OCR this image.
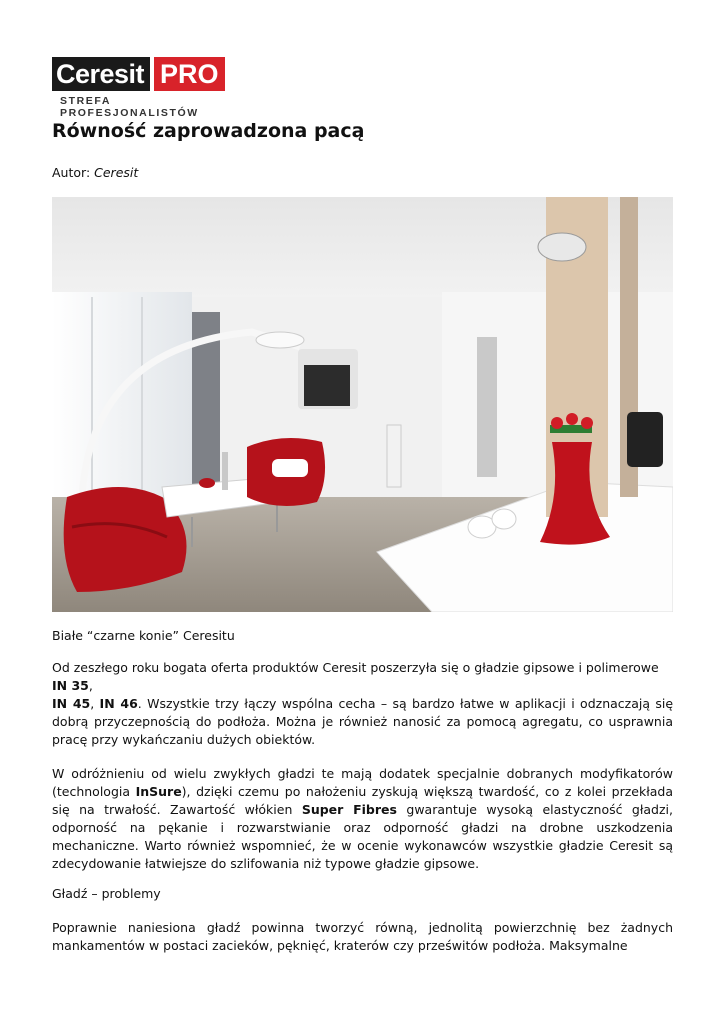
Ceresit PRO
STREFA PROFESJONALISTÓW
Równość zaprowadzona pacą
Autor: Ceresit
Białe “czarne konie” Ceresitu
Od zeszłego roku bogata oferta produktów Ceresit poszerzyła się o gładzie gipsowe i polimerowe
IN 35,
IN 45, IN 46. Wszystkie trzy łączy wspólna cecha – są bardzo łatwe w aplikacji i odznaczają się dobrą przyczepnością do podłoża. Można je również nanosić za pomocą agregatu, co usprawnia pracę przy wykańczaniu dużych obiektów.
W odróżnieniu od wielu zwykłych gładzi te mają dodatek specjalnie dobranych modyfikatorów (technologia InSure), dzięki czemu po nałożeniu zyskują większą twardość, co z kolei przekłada się na trwałość. Zawartość włókien Super Fibres gwarantuje wysoką elastyczność gładzi, odporność na pękanie i rozwarstwianie oraz odporność gładzi na drobne uszkodzenia mechaniczne. Warto również wspomnieć, że w ocenie wykonawców wszystkie gładzie Ceresit są zdecydowanie łatwiejsze do szlifowania niż typowe gładzie gipsowe.
Gładź – problemy
Poprawnie naniesiona gładź powinna tworzyć równą, jednolitą powierzchnię bez żadnych mankamentów w postaci zacieków, pęknięć, kraterów czy prześwitów podłoża. Maksymalne
